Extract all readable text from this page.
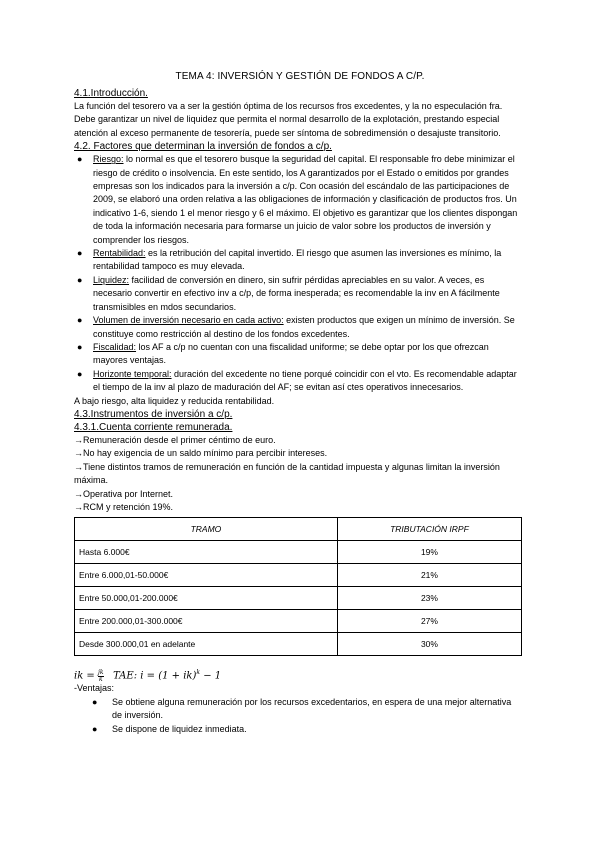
TEMA 4: INVERSIÓN Y GESTIÓN DE FONDOS A C/P.
4.1.Introducción.

La función del tesorero va a ser la gestión óptima de los recursos fros excedentes, y la no especulación fra. Debe garantizar un nivel de liquidez que permita el normal desarrollo de la explotación, prestando especial atención al exceso permanente de tesorería, puede ser síntoma de sobredimensión o desajuste transitorio.

4.2. Factores que determinan la inversión de fondos a c/p.
● Riesgo: lo normal es que el tesorero busque la seguridad del capital. El responsable fro debe minimizar el riesgo de crédito o insolvencia. En este sentido, los A garantizados por el Estado o emitidos por grandes empresas son los indicados para la inversión a c/p. Con ocasión del escándalo de las participaciones de 2009, se elaboró una orden relativa a las obligaciones de información y clasificación de productos fros. Un indicativo 1-6, siendo 1 el menor riesgo y 6 el máximo. El objetivo es garantizar que los clientes dispongan de toda la información necesaria para formarse un juicio de valor sobre los productos de inversión y comprender los riesgos.
● Rentabilidad: es la retribución del capital invertido. El riesgo que asumen las inversiones es mínimo, la rentabilidad tampoco es muy elevada.
● Liquidez: facilidad de conversión en dinero, sin sufrir pérdidas apreciables en su valor. A veces, es necesario convertir en efectivo inv a c/p, de forma inesperada; es recomendable la inv en A fácilmente transmisibles en mdos secundarios.
● Volumen de inversión necesario en cada activo: existen productos que exigen un mínimo de inversión. Se constituye como restricción al destino de los fondos excedentes.
● Fiscalidad: los AF a c/p no cuentan con una fiscalidad uniforme; se debe optar por los que ofrezcan mayores ventajas.
● Horizonte temporal: duración del excedente no tiene porqué coincidir con el vto. Es recomendable adaptar el tiempo de la inv al plazo de maduración del AF; se evitan así ctes operativos innecesarios.

A bajo riesgo, alta liquidez y reducida rentabilidad.

4.3.Instrumentos de inversión a c/p.
4.3.1.Cuenta corriente remunerada.

→Remuneración desde el primer céntimo de euro.

→No hay exigencia de un saldo mínimo para percibir intereses.

→Tiene distintos tramos de remuneración en función de la cantidad impuesta y algunas limitan la inversión máxima.

→Operativa por Internet.

→RCM y retención 19%.

TRAMO	TRIBUTACIÓN IRPF
Hasta 6.000€	19%
Entre 6.000,01-50.000€	21%
Entre 50.000,01-200.000€	23%
Entre 200.000,01-300.000€	27%
Desde 300.000,01 en adelante	30%
ik = $\frac{jk}{k}$ TAE: i = (1 + ik)$^k$ − 1

-Ventajas:

● Se obtiene alguna remuneración por los recursos excedentarios, en espera de una mejor alternativa de inversión.
● Se dispone de liquidez inmediata.
